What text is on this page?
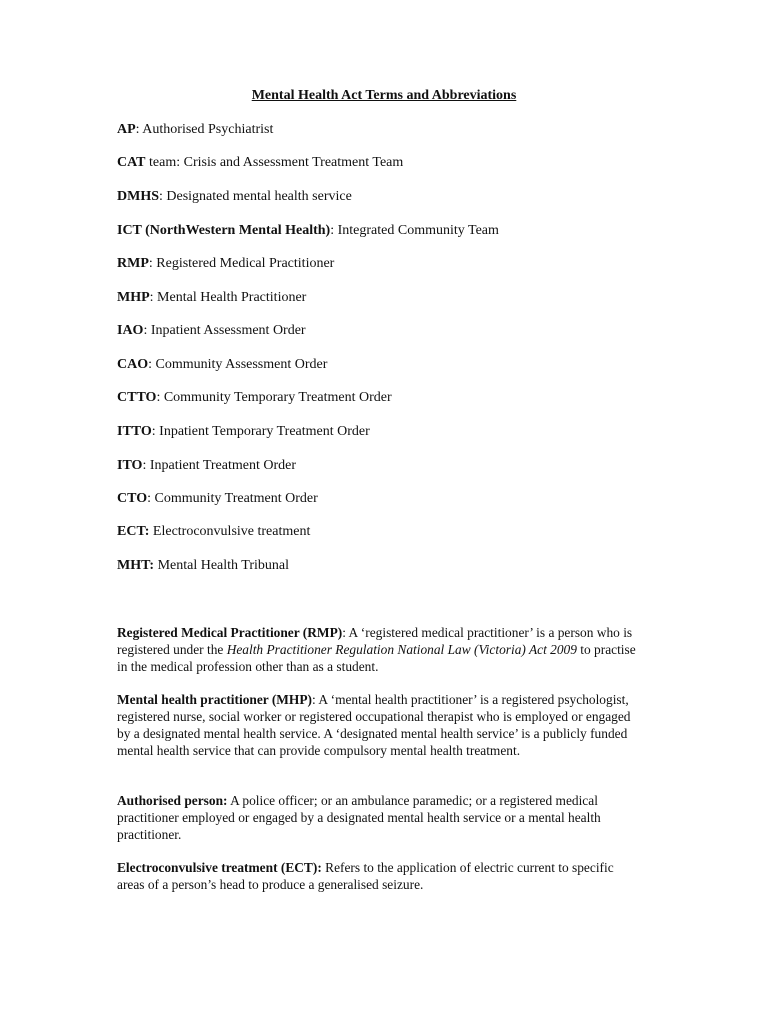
Mental Health Act Terms and Abbreviations
AP: Authorised Psychiatrist
CAT team: Crisis and Assessment Treatment Team
DMHS: Designated mental health service
ICT (NorthWestern Mental Health): Integrated Community Team
RMP: Registered Medical Practitioner
MHP: Mental Health Practitioner
IAO: Inpatient Assessment Order
CAO: Community Assessment Order
CTTO: Community Temporary Treatment Order
ITTO: Inpatient Temporary Treatment Order
ITO: Inpatient Treatment Order
CTO: Community Treatment Order
ECT: Electroconvulsive treatment
MHT: Mental Health Tribunal
Registered Medical Practitioner (RMP): A ‘registered medical practitioner’ is a person who is registered under the Health Practitioner Regulation National Law (Victoria) Act 2009 to practise in the medical profession other than as a student.
Mental health practitioner (MHP): A ‘mental health practitioner’ is a registered psychologist, registered nurse, social worker or registered occupational therapist who is employed or engaged by a designated mental health service. A ‘designated mental health service’ is a publicly funded mental health service that can provide compulsory mental health treatment.
Authorised person: A police officer; or an ambulance paramedic; or a registered medical practitioner employed or engaged by a designated mental health service or a mental health practitioner.
Electroconvulsive treatment (ECT): Refers to the application of electric current to specific areas of a person’s head to produce a generalised seizure.
